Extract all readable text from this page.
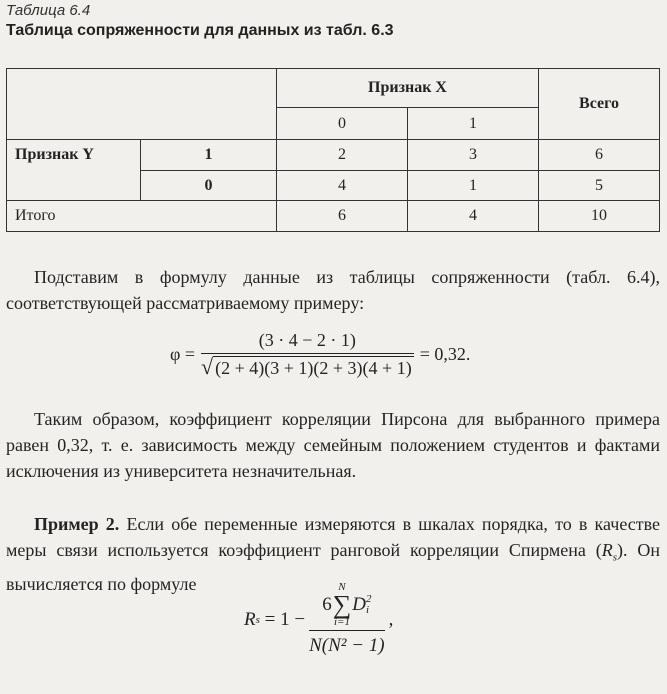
Таблица 6.4
Таблица сопряженности для данных из табл. 6.3
		Признак X		Всего
		0	1	
Признак Y	1	2	3	6
	0	4	1	5
Итого		6	4	10
Подставим в формулу данные из таблицы сопряженности (табл. 6.4), соответствующей рассматриваемому примеру:
$\varphi = \frac{(3 \cdot 4 - 2 \cdot 1)}{√ (2 + 4)(3 + 1)(2 + 3)(4 + 1)} = 0,32$.
Таким образом, коэффициент корреляции Пирсона для выбранного примера равен 0,32, т. е. зависимость между семейным положением студентов и фактами исключения из университета незначительная.
Пример 2. Если обе переменные измеряются в шкалах порядка, то в качестве меры связи используется коэффициент ранговой корреляции Спирмена $(R_s)$. Он вычисляется по формуле
R s = 1 − 6
N
∑
i=1
D 2
i
N(N² − 1) ,
